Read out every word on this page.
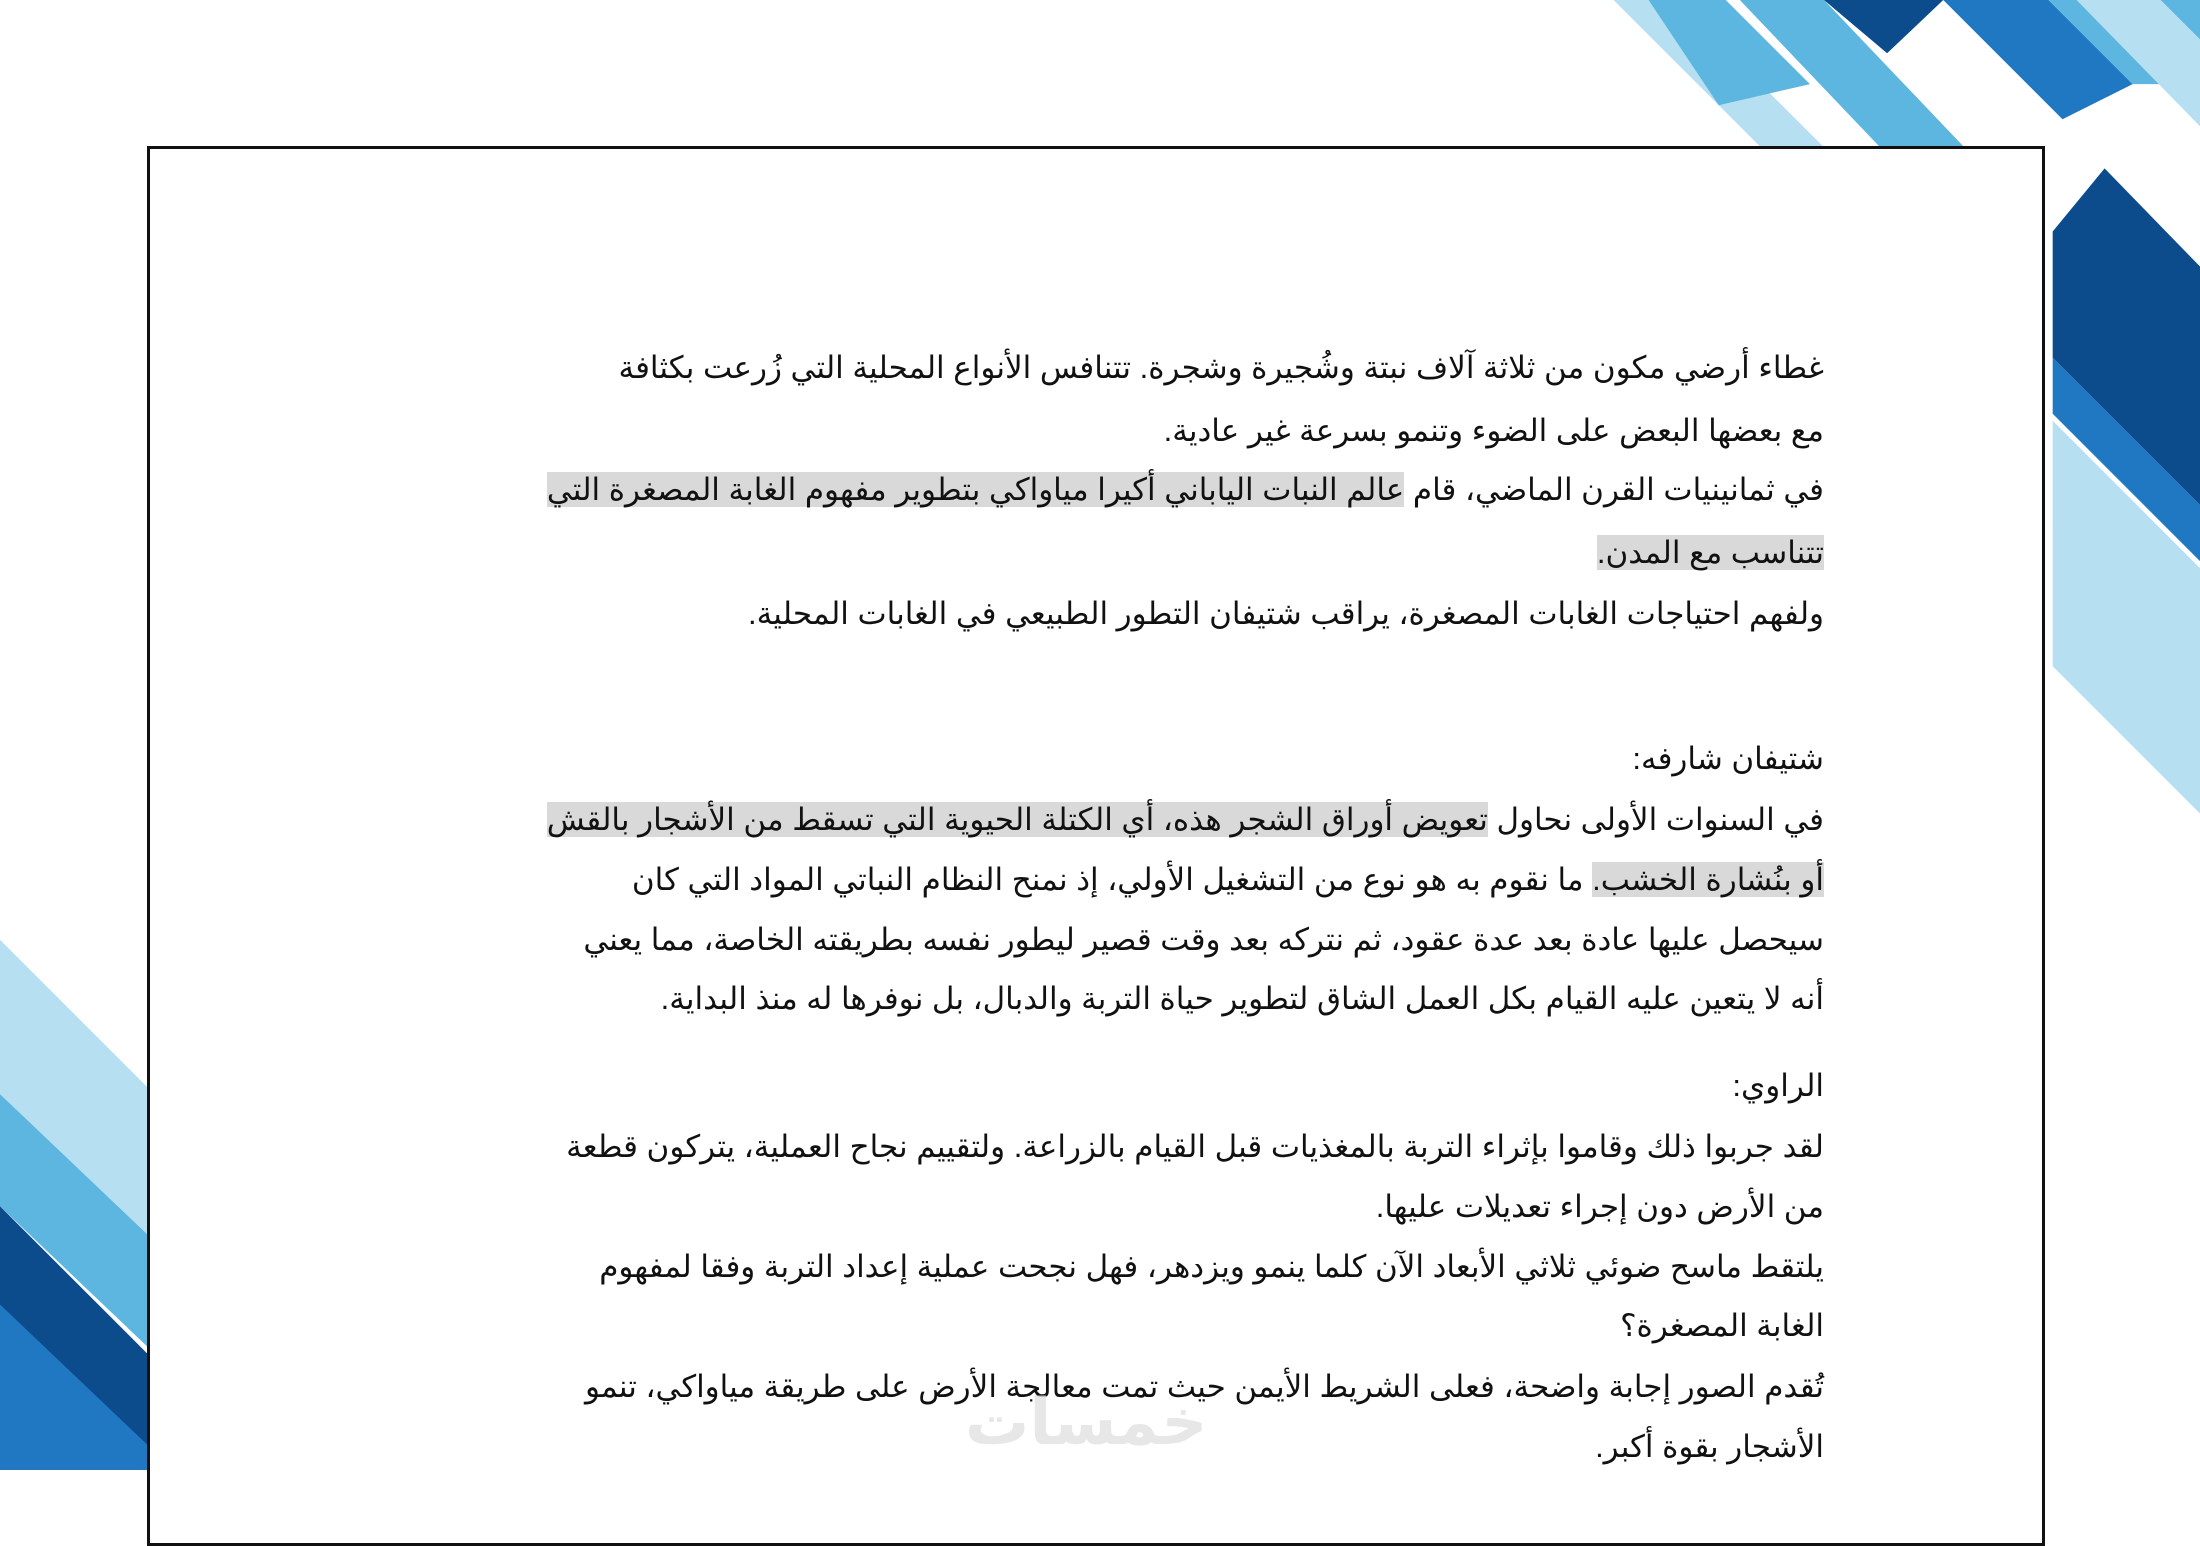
غطاء أرضي مكون من ثلاثة آلاف نبتة وشُجيرة وشجرة. تتنافس الأنواع المحلية التي زُرعت بكثافة
مع بعضها البعض على الضوء وتنمو بسرعة غير عادية.
في ثمانينيات القرن الماضي، قام عالم النبات الياباني أكيرا مياواكي بتطوير مفهوم الغابة المصغرة التي
تتناسب مع المدن.
ولفهم احتياجات الغابات المصغرة، يراقب شتيفان التطور الطبيعي في الغابات المحلية.
شتيفان شارفه:
في السنوات الأولى نحاول تعويض أوراق الشجر هذه، أي الكتلة الحيوية التي تسقط من الأشجار بالقش
أو بنُشارة الخشب. ما نقوم به هو نوع من التشغيل الأولي، إذ نمنح النظام النباتي المواد التي كان
سيحصل عليها عادة بعد عدة عقود، ثم نتركه بعد وقت قصير ليطور نفسه بطريقته الخاصة، مما يعني
أنه لا يتعين عليه القيام بكل العمل الشاق لتطوير حياة التربة والدبال، بل نوفرها له منذ البداية.
الراوي:
لقد جربوا ذلك وقاموا بإثراء التربة بالمغذيات قبل القيام بالزراعة. ولتقييم نجاح العملية، يتركون قطعة
من الأرض دون إجراء تعديلات عليها.
يلتقط ماسح ضوئي ثلاثي الأبعاد الآن كلما ينمو ويزدهر، فهل نجحت عملية إعداد التربة وفقا لمفهوم
الغابة المصغرة؟
تُقدم الصور إجابة واضحة، فعلى الشريط الأيمن حيث تمت معالجة الأرض على طريقة مياواكي، تنمو
الأشجار بقوة أكبر.
خمسات
